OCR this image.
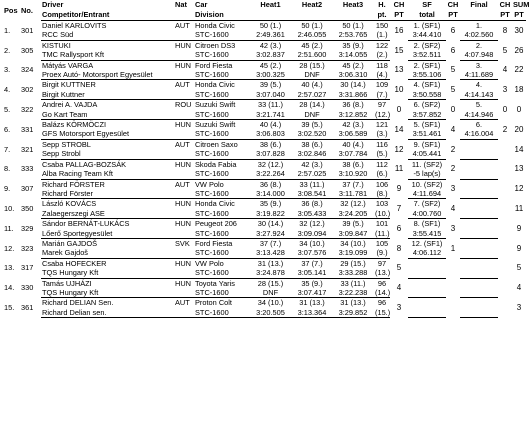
Pos	No.	Driver	Nat	Car	Heat1	Heat2	Heat3	H.	CH	SF	CH	Final	CH	SUM
		Competitor/Entrant		Division				pt.	PT	total	PT		PT	PT
1.	301	Daniel KARLOVITS	AUT	Honda Civic	50 (1.)	50 (1.)	50 (1.)	150	16	1. (SF1)	6	1.	8	30
		RCC Süd		STC-1600	2:49.361	2:46.055	2:53.765	(1.)		3:44.410		4:02.560		
2.	305	KISTUKI	HUN	Citroen DS3	42 (3.)	45 (2.)	35 (9.)	122	15	2. (SF2)	6	2.	5	26
		TMC Rallysport Kft		STC-1600	3:02.837	2:51.600	3:14.055	(2.)		3:52.511		4:07.948		
3.	324	Mátyás VARGA	HUN	Ford Fiesta	45 (2.)	28 (15.)	45 (2.)	118	13	2. (SF1)	5	3.	4	22
		Proex Autó- Motorsport Egyesület		STC-1600	3:00.325	DNF	3:06.310	(4.)		3:55.106		4:11.689		
4.	302	Birgit KUTTNER	AUT	Honda Civic	39 (5.)	40 (4.)	30 (14.)	109	10	4. (SF1)	5	4.	3	18
		Birgit Kuttner		STC-1600	3:07.040	2:57.027	3:31.866	(7.)		3:50.558		4:14.143		
5.	322	Andrei A. VAJDA	ROU	Suzuki Swift	33 (11.)	28 (14.)	36 (8.)	97	0	6. (SF2)	0	5.	0	0
		Go Kart Team		STC-1600	3:21.741	DNF	3:12.852	(12.)		3:57.852		4:14.946		
6.	331	Balázs KÖRMÖCZI	HUN	Suzuki Swift	40 (4.)	39 (5.)	42 (3.)	121	14	5. (SF1)	4	6.	2	20
		GFS Motorsport Egyesület		STC-1600	3:06.803	3:02.520	3:06.589	(3.)		3:51.461		4:16.004		
7.	321	Sepp STROBL	AUT	Citroen Saxo	38 (6.)	38 (6.)	40 (4.)	116	12	9. (SF1)	2			14
		Sepp Strobl		STC-1600	3:07.828	3:02.846	3:07.784	(5.)		4:05.441				
8.	333	Csaba PALLAG-BOZSÁK	HUN	Skoda Fabia	32 (12.)	42 (3.)	38 (6.)	112	11	11. (SF2)	2			13
		Alba Racing Team Kft		STC-1600	3:22.264	2:57.025	3:10.920	(6.)		-5 lap(s)				
9.	307	Richard FÖRSTER	AUT	VW Polo	36 (8.)	33 (11.)	37 (7.)	106	9	10. (SF2)	3			12
		Richard Förster		STC-1600	3:14.000	3:08.541	3:11.781	(8.)		4:11.694				
10.	350	László KOVÁCS	HUN	Honda Civic	35 (9.)	36 (8.)	32 (12.)	103	7	7. (SF2)	4			11
		Zalaegerszegi ASE		STC-1600	3:19.822	3:05.433	3:24.205	(10.)		4:00.760				
11.	329	Sándor BERNÁT-LUKÁCS	HUN	Peugeot 206	30 (14.)	32 (12.)	39 (5.)	101	6	8. (SF1)	3			9
		Lőerő Sportegyesület		STC-1600	3:27.924	3:09.094	3:09.847	(11.)		3:55.415				
12.	323	Marián GAJDOŠ	SVK	Ford Fiesta	37 (7.)	34 (10.)	34 (10.)	105	8	12. (SF1)	1			9
		Marek Gajdoš		STC-1600	3:13.428	3:07.576	3:19.099	(9.)		4:06.112				
13.	317	Csaba HOFECKER	HUN	VW Polo	31 (13.)	37 (7.)	29 (15.)	97	5					5
		TQS Hungary Kft		STC-1600	3:24.878	3:05.141	3:33.288	(13.)						
14.	330	Tamás UJHÁZI	HUN	Toyota Yaris	28 (15.)	35 (9.)	33 (11.)	96	4					4
		TQS Hungary Kft		STC-1600	DNF	3:07.417	3:22.238	(14.)						
15.	361	Richard DELIAN Sen.	AUT	Proton Colt	34 (10.)	31 (13.)	31 (13.)	96	3					3
		Richard Delian sen.		STC-1600	3:20.505	3:13.364	3:29.852	(15.)						
